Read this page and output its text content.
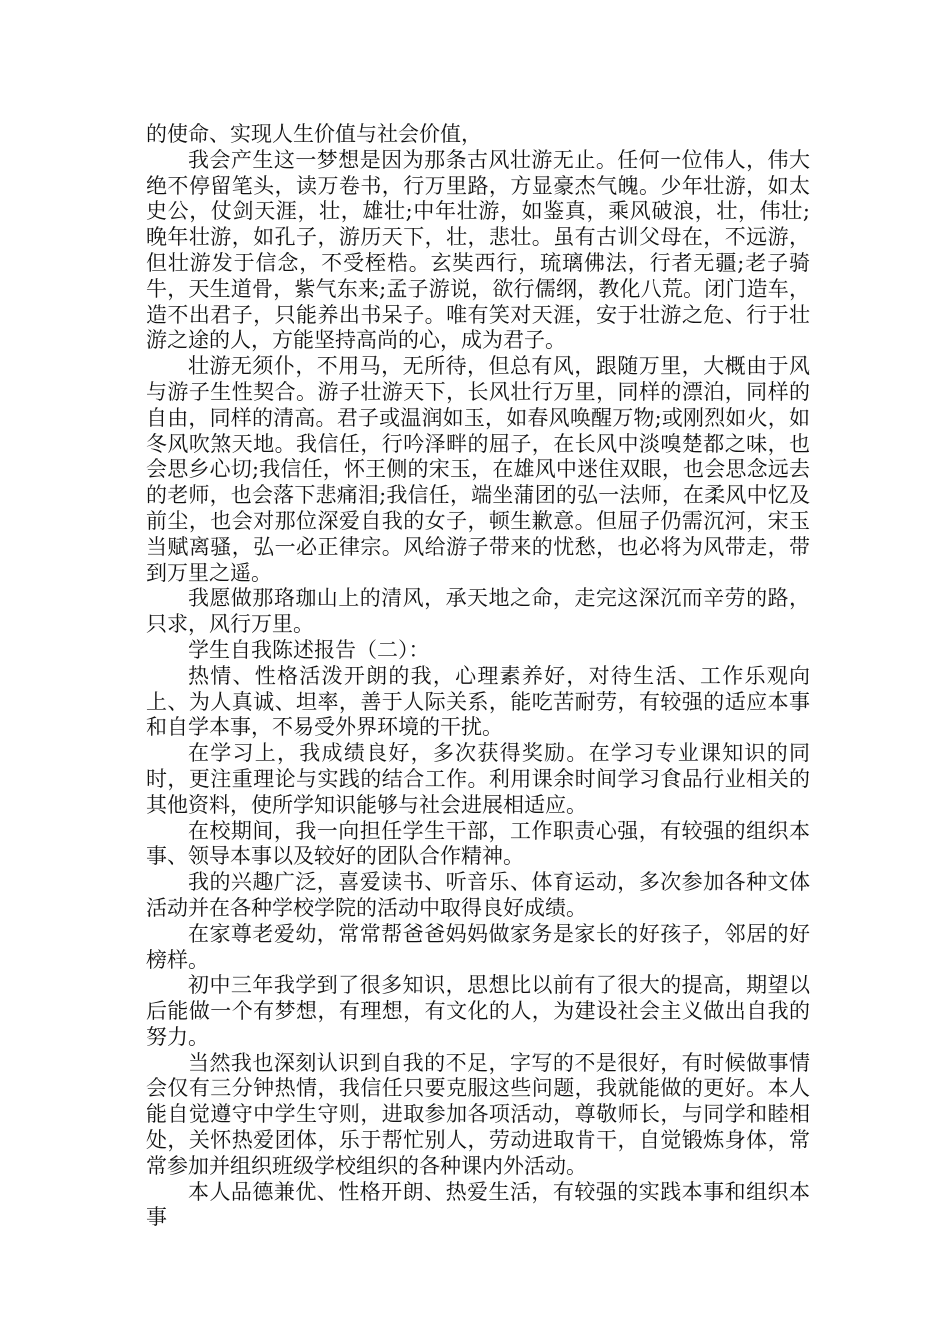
的使命、实现人生价值与社会价值，

我会产生这一梦想是因为那条古风壮游无止。任何一位伟人，伟大绝不停留笔头，读万卷书，行万里路，方显豪杰气魄。少年壮游，如太史公，仗剑天涯，壮，雄壮;中年壮游，如鉴真，乘风破浪，壮，伟壮;晚年壮游，如孔子，游历天下，壮，悲壮。虽有古训父母在，不远游，但壮游发于信念，不受桎梏。玄奘西行，琉璃佛法，行者无疆;老子骑牛，天生道骨，紫气东来;孟子游说，欲行儒纲，教化八荒。闭门造车，造不出君子，只能养出书呆子。唯有笑对天涯，安于壮游之危、行于壮游之途的人，方能坚持高尚的心，成为君子。

壮游无须仆，不用马，无所待，但总有风，跟随万里，大概由于风与游子生性契合。游子壮游天下，长风壮行万里，同样的漂泊，同样的自由，同样的清高。君子或温润如玉，如春风唤醒万物;或刚烈如火，如冬风吹煞天地。我信任，行吟泽畔的屈子，在长风中淡嗅楚都之味，也会思乡心切;我信任，怀王侧的宋玉，在雄风中迷住双眼，也会思念远去的老师，也会落下悲痛泪;我信任，端坐蒲团的弘一法师，在柔风中忆及前尘，也会对那位深爱自我的女子，顿生歉意。但屈子仍需沉河，宋玉当赋离骚，弘一必正律宗。风给游子带来的忧愁，也必将为风带走，带到万里之遥。

我愿做那珞珈山上的清风，承天地之命，走完这深沉而辛劳的路，只求，风行万里。

学生自我陈述报告（二）：

热情、性格活泼开朗的我，心理素养好，对待生活、工作乐观向上、为人真诚、坦率，善于人际关系，能吃苦耐劳，有较强的适应本事和自学本事，不易受外界环境的干扰。

在学习上，我成绩良好，多次获得奖励。在学习专业课知识的同时，更注重理论与实践的结合工作。利用课余时间学习食品行业相关的其他资料，使所学知识能够与社会进展相适应。

在校期间，我一向担任学生干部，工作职责心强，有较强的组织本事、领导本事以及较好的团队合作精神。

我的兴趣广泛，喜爱读书、听音乐、体育运动，多次参加各种文体活动并在各种学校学院的活动中取得良好成绩。

在家尊老爱幼，常常帮爸爸妈妈做家务是家长的好孩子，邻居的好榜样。

初中三年我学到了很多知识，思想比以前有了很大的提高，期望以后能做一个有梦想，有理想，有文化的人，为建设社会主义做出自我的努力。

当然我也深刻认识到自我的不足，字写的不是很好，有时候做事情会仅有三分钟热情，我信任只要克服这些问题，我就能做的更好。本人能自觉遵守中学生守则，进取参加各项活动，尊敬师长，与同学和睦相处，关怀热爱团体，乐于帮忙别人，劳动进取肯干，自觉锻炼身体，常常参加并组织班级学校组织的各种课内外活动。

本人品德兼优、性格开朗、热爱生活，有较强的实践本事和组织本事
